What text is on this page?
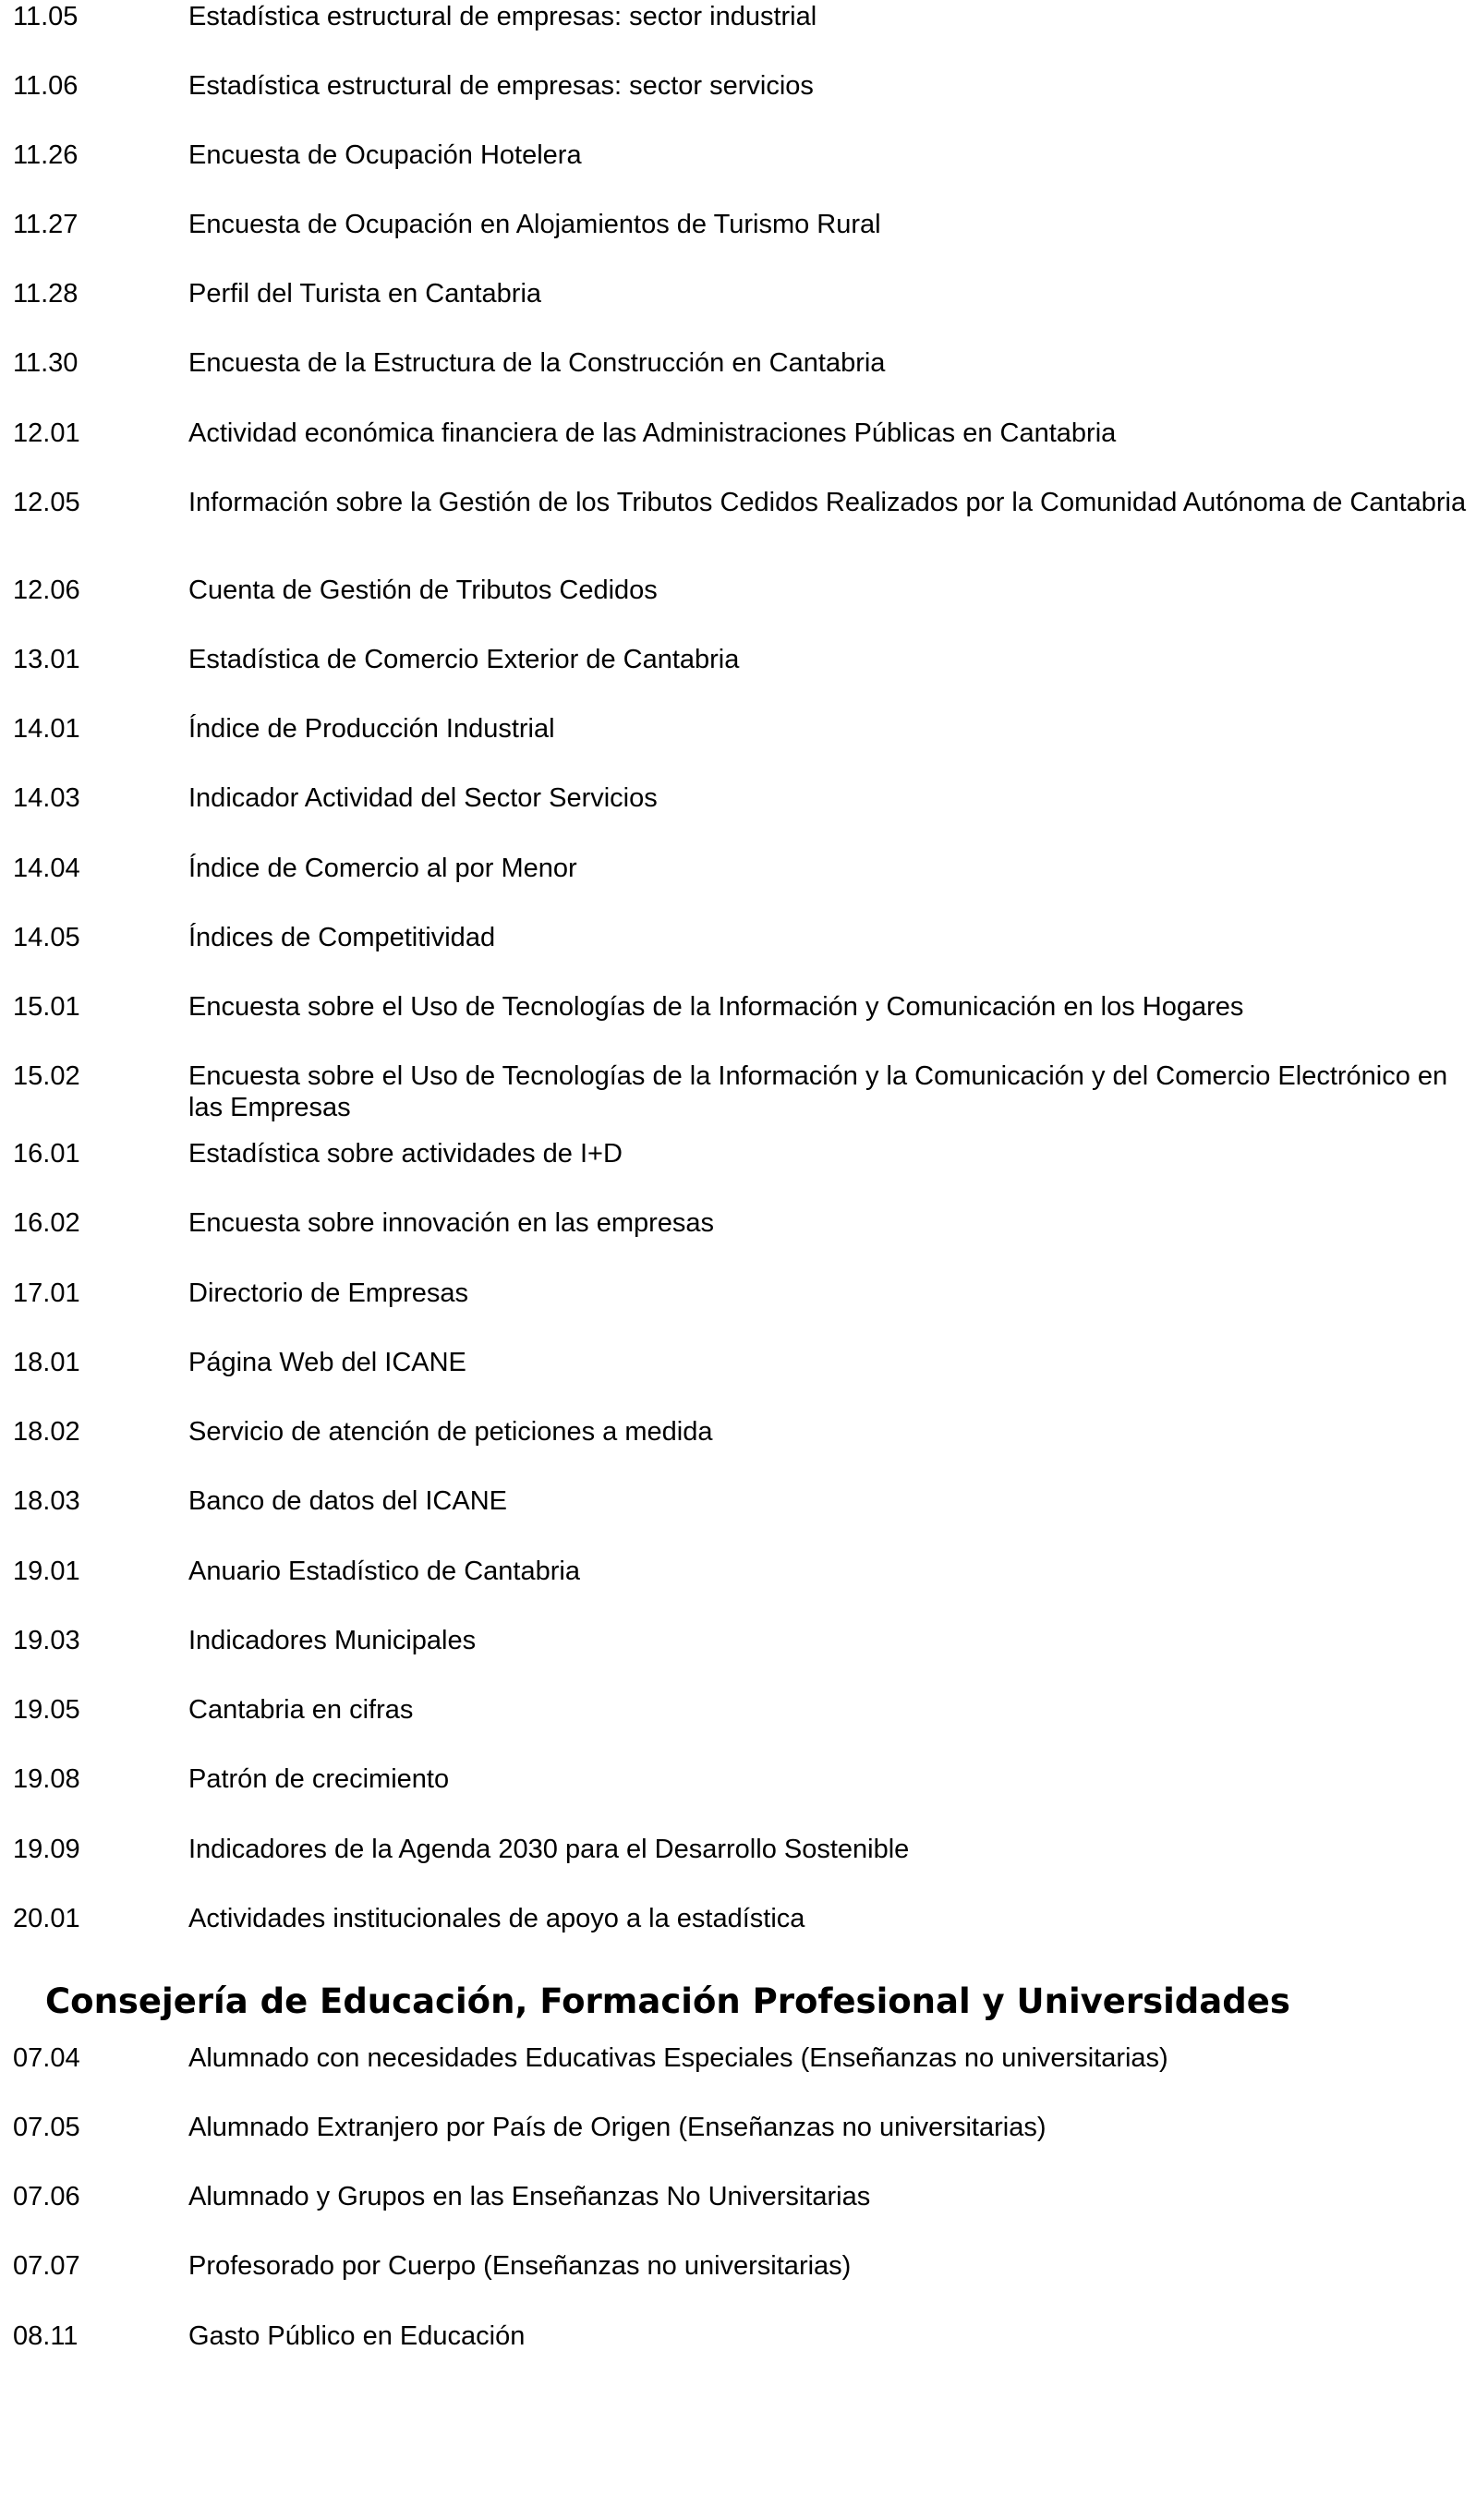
11.05	Estadística estructural de empresas: sector industrial
11.06	Estadística estructural de empresas: sector servicios
11.26	Encuesta de Ocupación Hotelera
11.27	Encuesta de Ocupación en Alojamientos de Turismo Rural
11.28	Perfil del Turista en Cantabria
11.30	Encuesta de la Estructura de la Construcción en Cantabria
12.01	Actividad económica financiera de las Administraciones Públicas en Cantabria
12.05	Información sobre la Gestión de los Tributos Cedidos Realizados por la Comunidad Autónoma de Cantabria
12.06	Cuenta de Gestión de Tributos Cedidos
13.01	Estadística de Comercio Exterior de Cantabria
14.01	Índice de Producción Industrial
14.03	Indicador Actividad del Sector Servicios
14.04	Índice de Comercio al por Menor
14.05	Índices de Competitividad
15.01	Encuesta sobre el Uso de Tecnologías de la Información y Comunicación en los Hogares
15.02	Encuesta sobre el Uso de Tecnologías de la Información y la Comunicación y del Comercio Electrónico en las Empresas
16.01	Estadística sobre actividades de I+D
16.02	Encuesta sobre innovación en las empresas
17.01	Directorio de Empresas
18.01	Página Web del ICANE
18.02	Servicio de atención de peticiones a medida
18.03	Banco de datos del ICANE
19.01	Anuario Estadístico de Cantabria
19.03	Indicadores Municipales
19.05	Cantabria en cifras
19.08	Patrón de crecimiento
19.09	Indicadores de la Agenda 2030 para el Desarrollo Sostenible
20.01	Actividades institucionales de apoyo a la estadística
Consejería de Educación, Formación Profesional y Universidades
07.04	Alumnado con necesidades Educativas Especiales (Enseñanzas no universitarias)
07.05	Alumnado Extranjero por País de Origen (Enseñanzas no universitarias)
07.06	Alumnado y Grupos en las Enseñanzas No Universitarias
07.07	Profesorado por Cuerpo (Enseñanzas no universitarias)
08.11	Gasto Público en Educación
